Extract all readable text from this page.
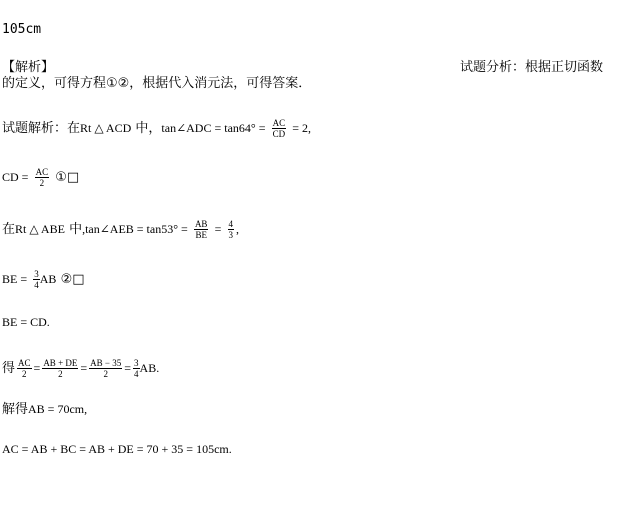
105cm
【解析】	试题分析：根据正切函数
的定义，可得方程①②，根据代入消元法，可得答案．
试题解析：在Rt △ ACD 中，tan∠ADC = $\tan 64^\circ = \frac{AC}{CD} = 2$,
CD = $\frac{AC}{2}$ ①□
在Rt △ ABE 中,tan∠AEB = $\tan 53^\circ = \frac{AB}{BE} = \frac{4}{3}$ ,
BE = $\frac{3}{4}$ AB ②□
BE = CD.
得 $\frac{AC}{2} = \frac{AB + DE}{2} = \frac{AB - 35}{2} = \frac{3}{4}$ AB.
解得AB = 70cm,
AC = AB + BC = AB + DE = 70 + 35 = 105cm.
